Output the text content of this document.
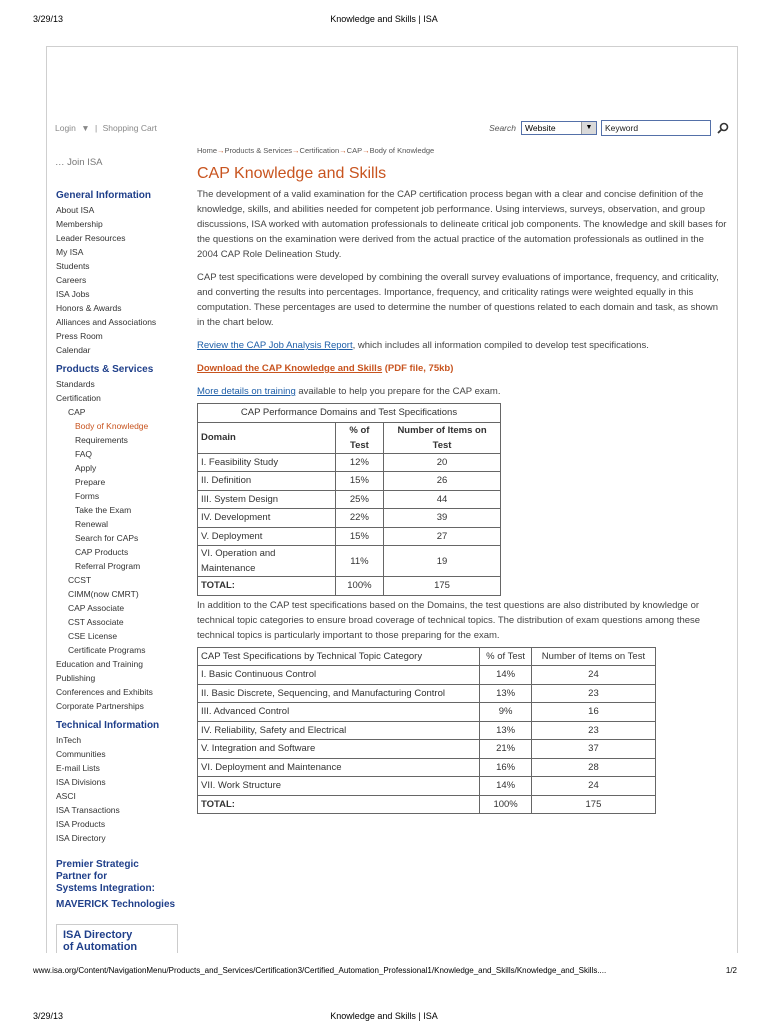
3/29/13	Knowledge and Skills | ISA
Login ▼ | Shopping Cart
… Join ISA
Search Website	▼	Keyword
General Information
About ISA
Membership
Leader Resources
My ISA
Students
Careers
ISA Jobs
Honors & Awards
Alliances and Associations
Press Room
Calendar
Products & Services
Standards
Certification
CAP
Body of Knowledge
Requirements
FAQ
Apply
Prepare
Forms
Take the Exam
Renewal
Search for CAPs
CAP Products
Referral Program
CCST
CIMM(now CMRT)
CAP Associate
CST Associate
CSE License
Certificate Programs
Education and Training
Publishing
Conferences and Exhibits
Corporate Partnerships
Technical Information
InTech
Communities
E-mail Lists
ISA Divisions
ASCI
ISA Transactions
ISA Products
ISA Directory
Premier Strategic
Partner for
Systems Integration:
MAVERICK Technologies
ISA Directory
of Automation
Home→Products & Services→Certification→CAP→Body of Knowledge
CAP Knowledge and Skills

The development of a valid examination for the CAP certification process began with a clear and concise definition of the knowledge, skills, and abilities needed for competent job performance. Using interviews, surveys, observation, and group discussions, ISA worked with automation professionals to delineate critical job components. The knowledge and skill bases for the questions on the examination were derived from the actual practice of the automation professionals as outlined in the 2004 CAP Role Delineation Study.

CAP test specifications were developed by combining the overall survey evaluations of importance, frequency, and criticality, and converting the results into percentages. Importance, frequency, and criticality ratings were weighted equally in this computation. These percentages are used to determine the number of questions related to each domain and task, as shown in the chart below.

Review the CAP Job Analysis Report, which includes all information compiled to develop test specifications.

Download the CAP Knowledge and Skills (PDF file, 75kb)

More details on training available to help you prepare for the CAP exam.

CAP Performance Domains and Test Specifications		
Domain	% of Test	Number of Items on Test
I. Feasibility Study	12%	20
II. Definition	15%	26
III. System Design	25%	44
IV. Development	22%	39
V. Deployment	15%	27
VI. Operation and Maintenance	11%	19
TOTAL:	100%	175

In addition to the CAP test specifications based on the Domains, the test questions are also distributed by knowledge or technical topic categories to ensure broad coverage of technical topics. The distribution of exam questions among these technical topics is particularly important to those preparing for the exam.

CAP Test Specifications by Technical Topic Category	% of Test	Number of Items on Test
I. Basic Continuous Control	14%	24
II. Basic Discrete, Sequencing, and Manufacturing Control	13%	23
III. Advanced Control	9%	16
IV. Reliability, Safety and Electrical	13%	23
V. Integration and Software	21%	37
VI. Deployment and Maintenance	16%	28
VII. Work Structure	14%	24
TOTAL:	100%	175
www.isa.org/Content/NavigationMenu/Products_and_Services/Certification3/Certified_Automation_Professional1/Knowledge_and_Skills/Knowledge_and_Skills....	1/2
3/29/13	Knowledge and Skills | ISA
